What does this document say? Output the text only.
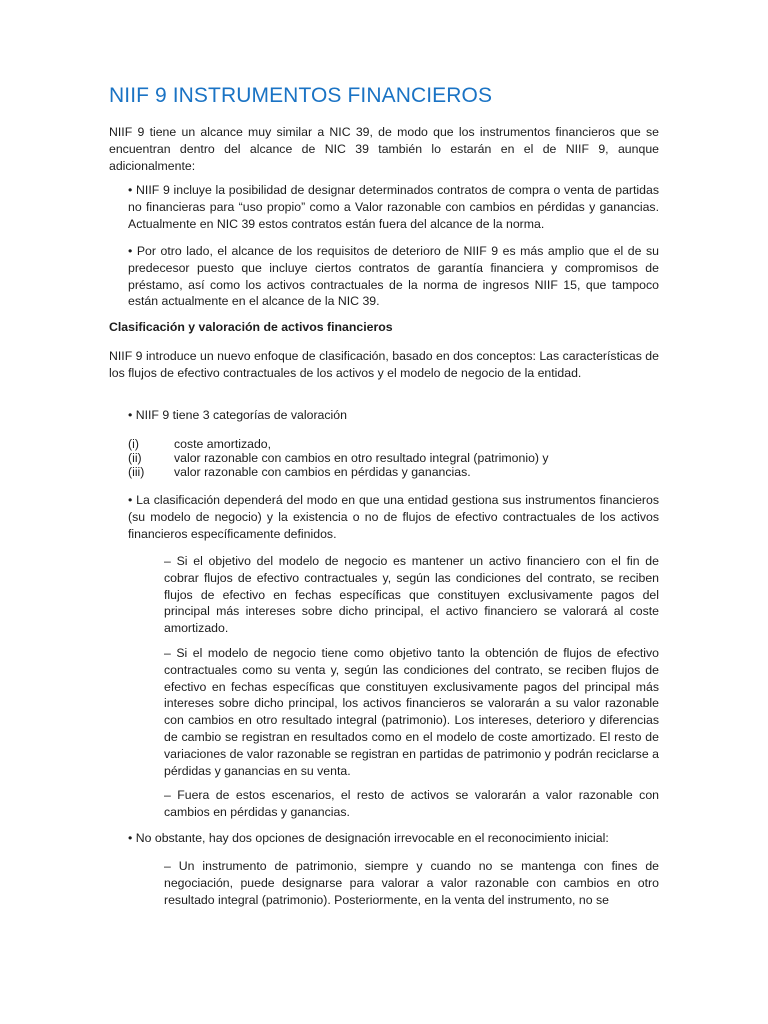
NIIF 9 INSTRUMENTOS FINANCIEROS

NIIF 9 tiene un alcance muy similar a NIC 39, de modo que los instrumentos financieros que se encuentran dentro del alcance de NIC 39 también lo estarán en el de NIIF 9, aunque adicionalmente:

• NIIF 9 incluye la posibilidad de designar determinados contratos de compra o venta de partidas no financieras para “uso propio” como a Valor razonable con cambios en pérdidas y ganancias. Actualmente en NIC 39 estos contratos están fuera del alcance de la norma.

• Por otro lado, el alcance de los requisitos de deterioro de NIIF 9 es más amplio que el de su predecesor puesto que incluye ciertos contratos de garantía financiera y compromisos de préstamo, así como los activos contractuales de la norma de ingresos NIIF 15, que tampoco están actualmente en el alcance de la NIC 39.

Clasificación y valoración de activos financieros

NIIF 9 introduce un nuevo enfoque de clasificación, basado en dos conceptos: Las características de los flujos de efectivo contractuales de los activos y el modelo de negocio de la entidad.

• NIIF 9 tiene 3 categorías de valoración

(i)	coste amortizado,
(ii)	valor razonable con cambios en otro resultado integral (patrimonio) y
(iii) valor razonable con cambios en pérdidas y ganancias.

• La clasificación dependerá del modo en que una entidad gestiona sus instrumentos financieros (su modelo de negocio) y la existencia o no de flujos de efectivo contractuales de los activos financieros específicamente definidos.

– Si el objetivo del modelo de negocio es mantener un activo financiero con el fin de cobrar flujos de efectivo contractuales y, según las condiciones del contrato, se reciben flujos de efectivo en fechas específicas que constituyen exclusivamente pagos del principal más intereses sobre dicho principal, el activo financiero se valorará al coste amortizado.

– Si el modelo de negocio tiene como objetivo tanto la obtención de flujos de efectivo contractuales como su venta y, según las condiciones del contrato, se reciben flujos de efectivo en fechas específicas que constituyen exclusivamente pagos del principal más intereses sobre dicho principal, los activos financieros se valorarán a su valor razonable con cambios en otro resultado integral (patrimonio). Los intereses, deterioro y diferencias de cambio se registran en resultados como en el modelo de coste amortizado. El resto de variaciones de valor razonable se registran en partidas de patrimonio y podrán reciclarse a pérdidas y ganancias en su venta.

– Fuera de estos escenarios, el resto de activos se valorarán a valor razonable con cambios en pérdidas y ganancias.

• No obstante, hay dos opciones de designación irrevocable en el reconocimiento inicial:

– Un instrumento de patrimonio, siempre y cuando no se mantenga con fines de negociación, puede designarse para valorar a valor razonable con cambios en otro resultado integral (patrimonio). Posteriormente, en la venta del instrumento, no se
